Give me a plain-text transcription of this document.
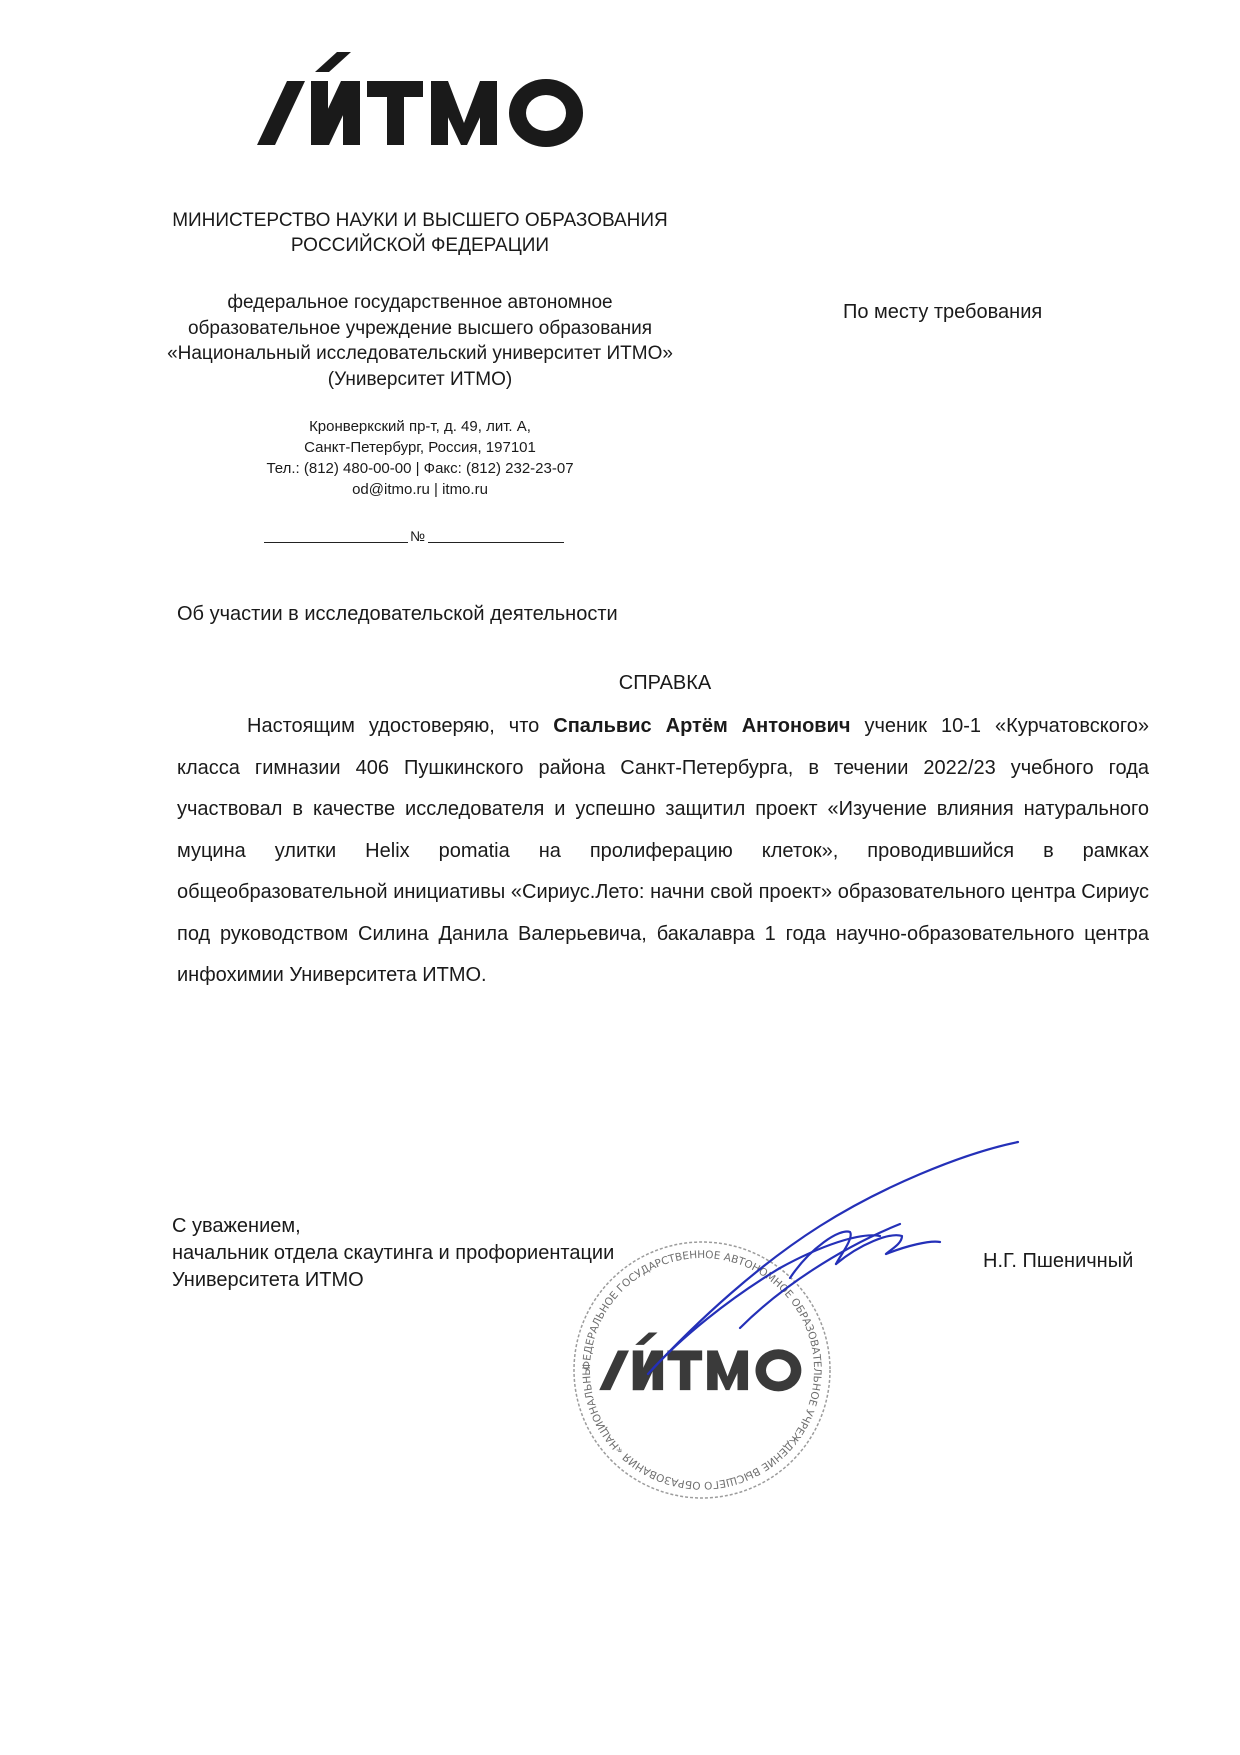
МИНИСТЕРСТВО НАУКИ И ВЫСШЕГО ОБРАЗОВАНИЯ
РОССИЙСКОЙ ФЕДЕРАЦИИ
федеральное государственное автономное
образовательное учреждение высшего образования
«Национальный исследовательский университет ИТМО»
(Университет ИТМО)
Кронверкский пр-т, д. 49, лит. А,
Санкт-Петербург, Россия, 197101
Тел.: (812) 480-00-00 | Факс: (812) 232-23-07
od@itmo.ru | itmo.ru
№
По месту требования
Об участии в исследовательской деятельности
СПРАВКА
Настоящим удостоверяю, что Спальвис Артём Антонович ученик 10-1 «Курчатовского» класса гимназии 406 Пушкинского района Санкт-Петербурга, в течении 2022/23 учебного года участвовал в качестве исследователя и успешно защитил проект «Изучение влияния натурального муцина улитки Helix pomatia на пролиферацию клеток», проводившийся в рамках общеобразовательной инициативы «Сириус.Лето: начни свой проект» образовательного центра Сириус под руководством Силина Данила Валерьевича, бакалавра 1 года научно-образовательного центра инфохимии Университета ИТМО.
С уважением,
начальник отдела скаутинга и профориентации
Университета ИТМО
Н.Г. Пшеничный
ФЕДЕРАЛЬНОЕ ГОСУДАРСТВЕННОЕ АВТОНОМНОЕ ОБРАЗОВАТЕЛЬНОЕ УЧРЕЖДЕНИЕ ВЫСШЕГО ОБРАЗОВАНИЯ «НАЦИОНАЛЬНЫ
